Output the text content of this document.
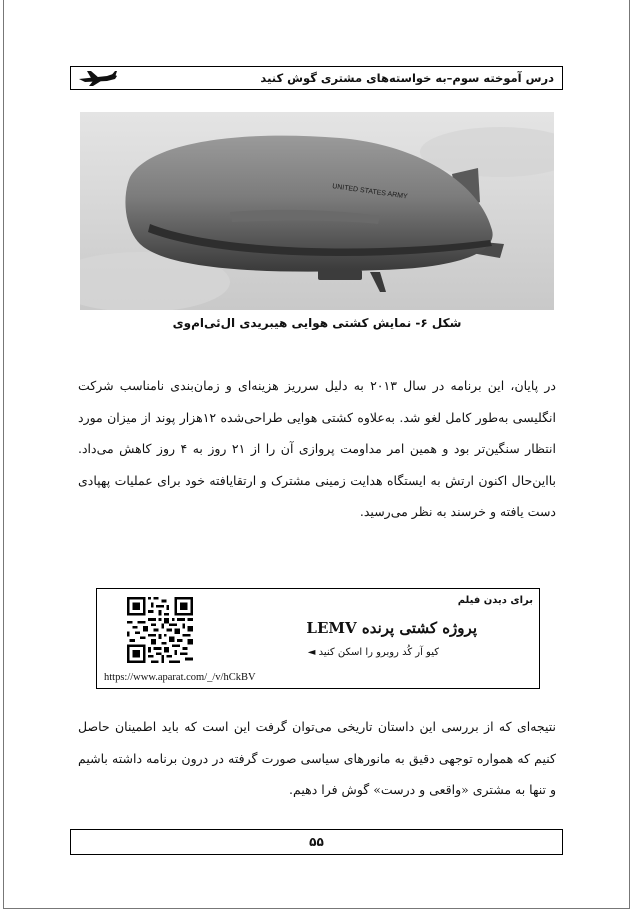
درس آموخته سوم–به خواسته‌های مشتری گوش کنید
UNITED STATES ARMY
شکل ۶- نمایش کشتی هوایی هیبریدی ال‌ئی‌ام‌وی

در پایان، این برنامه در سال ۲۰۱۳ به دلیل سرریز هزینه‌ای و زمان‌بندی نامناسب شرکت انگلیسی به‌طور کامل لغو شد. به‌علاوه کشتی هوایی طراحی‌شده ۱۲هزار پوند از میزان مورد انتظار سنگین‌تر بود و همین امر مداومت پروازی آن را از ۲۱ روز به ۴ روز کاهش می‌داد. بااین‌حال اکنون ارتش به ایستگاه هدایت زمینی مشترک و ارتقایافته خود برای عملیات پهپادی دست یافته و خرسند به نظر می‌رسید.

برای دیدن فیلم
پروژه کشتی پرنده LEMV
کیو آر کُد روبرو را اسکن کنید ◄
https://www.aparat.com/_/v/hCkBV

نتیجه‌ای که از بررسی این داستان تاریخی می‌توان گرفت این است که باید اطمینان حاصل کنیم که همواره توجهی دقیق به مانورهای سیاسی صورت گرفته در درون برنامه داشته باشیم و تنها به مشتری «واقعی و درست» گوش فرا دهیم.

۵۵
